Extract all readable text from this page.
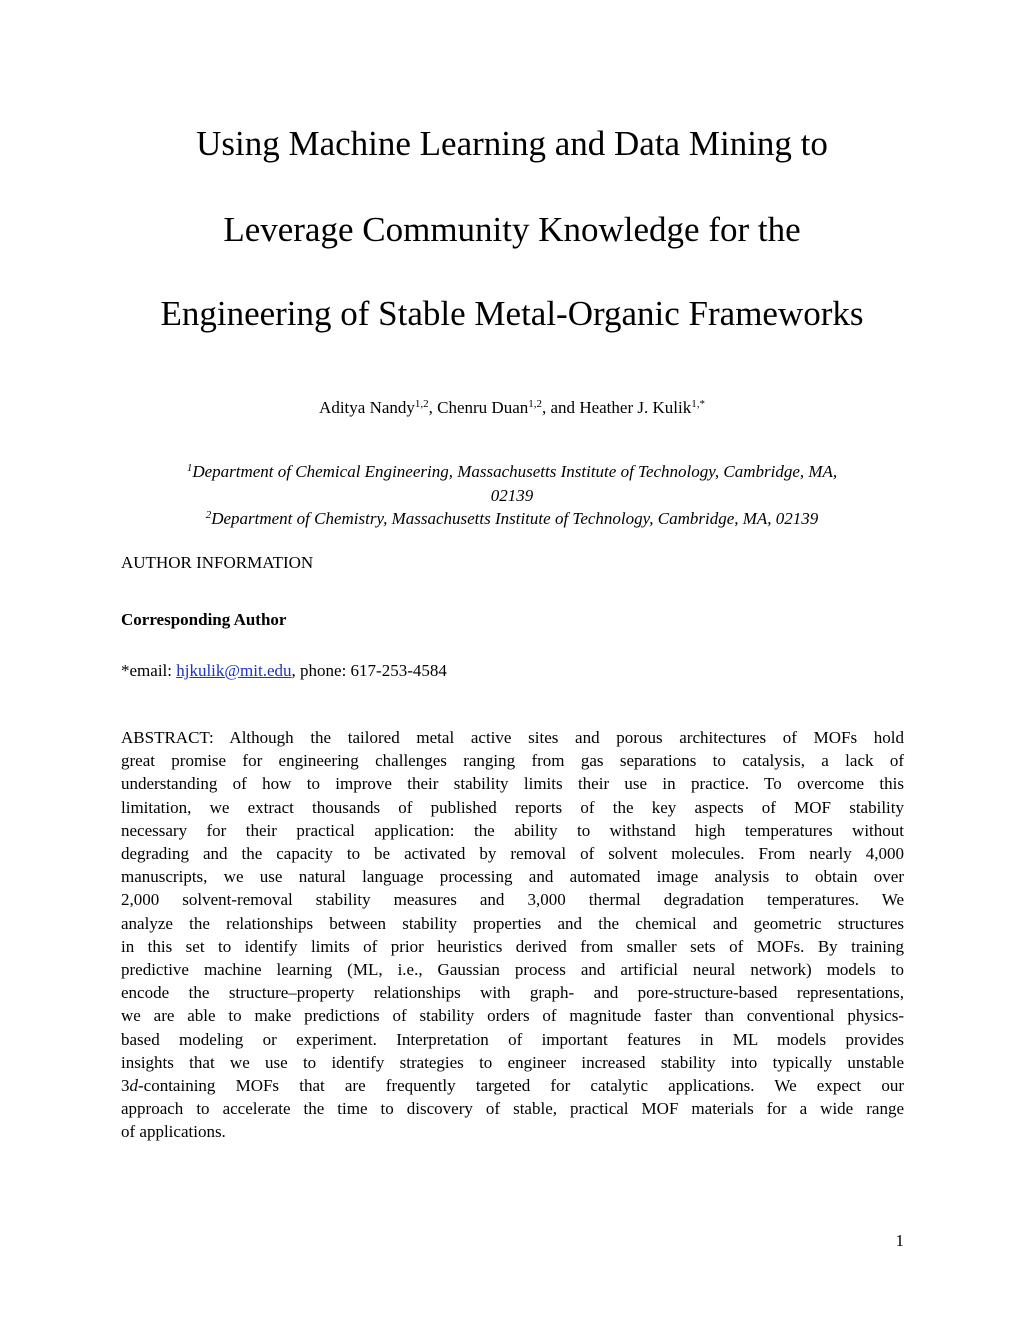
Using Machine Learning and Data Mining to
Leverage Community Knowledge for the
Engineering of Stable Metal-Organic Frameworks
Aditya Nandy$^{1,2}$, Chenru Duan$^{1,2}$, and Heather J. Kulik$^{1,*}$
$^1$Department of Chemical Engineering, Massachusetts Institute of Technology, Cambridge, MA,
02139
$^2$Department of Chemistry, Massachusetts Institute of Technology, Cambridge, MA, 02139
AUTHOR INFORMATION
Corresponding Author
*email: hjkulik@mit.edu, phone: 617-253-4584
ABSTRACT: Although the tailored metal active sites and porous architectures of MOFs hold
great promise for engineering challenges ranging from gas separations to catalysis, a lack of
understanding of how to improve their stability limits their use in practice. To overcome this
limitation, we extract thousands of published reports of the key aspects of MOF stability
necessary for their practical application: the ability to withstand high temperatures without
degrading and the capacity to be activated by removal of solvent molecules. From nearly 4,000
manuscripts, we use natural language processing and automated image analysis to obtain over
2,000 solvent-removal stability measures and 3,000 thermal degradation temperatures. We
analyze the relationships between stability properties and the chemical and geometric structures
in this set to identify limits of prior heuristics derived from smaller sets of MOFs. By training
predictive machine learning (ML, i.e., Gaussian process and artificial neural network) models to
encode the structure–property relationships with graph- and pore-structure-based representations,
we are able to make predictions of stability orders of magnitude faster than conventional physics-
based modeling or experiment. Interpretation of important features in ML models provides
insights that we use to identify strategies to engineer increased stability into typically unstable
3d-containing MOFs that are frequently targeted for catalytic applications. We expect our
approach to accelerate the time to discovery of stable, practical MOF materials for a wide range
of applications.
1
